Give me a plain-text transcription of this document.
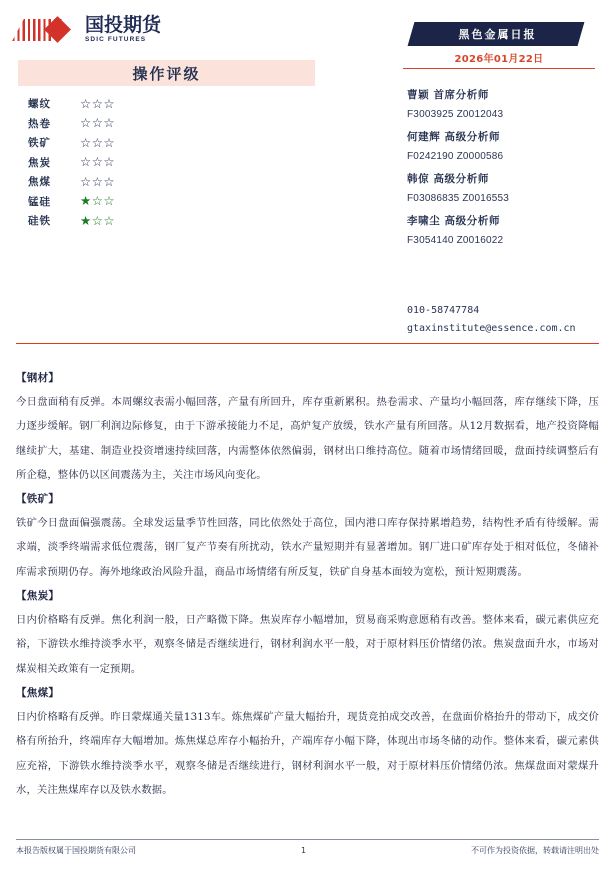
国投期货
SDIC FUTURES
操作评级
螺纹	☆☆☆
热卷	☆☆☆
铁矿	☆☆☆
焦炭	☆☆☆
焦煤	☆☆☆
锰硅	★☆☆
硅铁	★☆☆
黑色金属日报
2026年01月22日
曹颖 首席分析师
F3003925 Z0012043
何建辉 高级分析师
F0242190 Z0000586
韩倞 高级分析师
F03086835 Z0016553
李啸尘 高级分析师
F3054140 Z0016022
010-58747784
gtaxinstitute@essence.com.cn
【钢材】
今日盘面稍有反弹。本周螺纹表需小幅回落，产量有所回升，库存重新累积。热卷需求、产量均小幅回落，库存继续下降，压力逐步缓解。钢厂利润边际修复，由于下游承接能力不足，高炉复产放缓，铁水产量有所回落。从12月数据看，地产投资降幅继续扩大，基建、制造业投资增速持续回落，内需整体依然偏弱，钢材出口维持高位。随着市场情绪回暖，盘面持续调整后有所企稳，整体仍以区间震荡为主，关注市场风向变化。
【铁矿】
铁矿今日盘面偏强震荡。全球发运量季节性回落，同比依然处于高位，国内港口库存保持累增趋势，结构性矛盾有待缓解。需求端，淡季终端需求低位震荡，钢厂复产节奏有所扰动，铁水产量短期并有显著增加。钢厂进口矿库存处于相对低位，冬储补库需求预期仍存。海外地缘政治风险升温，商品市场情绪有所反复，铁矿自身基本面较为宽松，预计短期震荡。
【焦炭】
日内价格略有反弹。焦化利润一般，日产略微下降。焦炭库存小幅增加，贸易商采购意愿稍有改善。整体来看，碳元素供应充裕，下游铁水维持淡季水平，观察冬储是否继续进行，钢材利润水平一般，对于原材料压价情绪仍浓。焦炭盘面升水，市场对煤炭相关政策有一定预期。
【焦煤】
日内价格略有反弹。昨日蒙煤通关量1313车。炼焦煤矿产量大幅抬升，现货竞拍成交改善，在盘面价格抬升的带动下，成交价格有所抬升，终端库存大幅增加。炼焦煤总库存小幅抬升，产端库存小幅下降，体现出市场冬储的动作。整体来看，碳元素供应充裕，下游铁水维持淡季水平，观察冬储是否继续进行，钢材利润水平一般，对于原材料压价情绪仍浓。焦煤盘面对蒙煤升水，关注焦煤库存以及铁水数据。
本报告版权属于国投期货有限公司	1	不可作为投资依据，转载请注明出处
